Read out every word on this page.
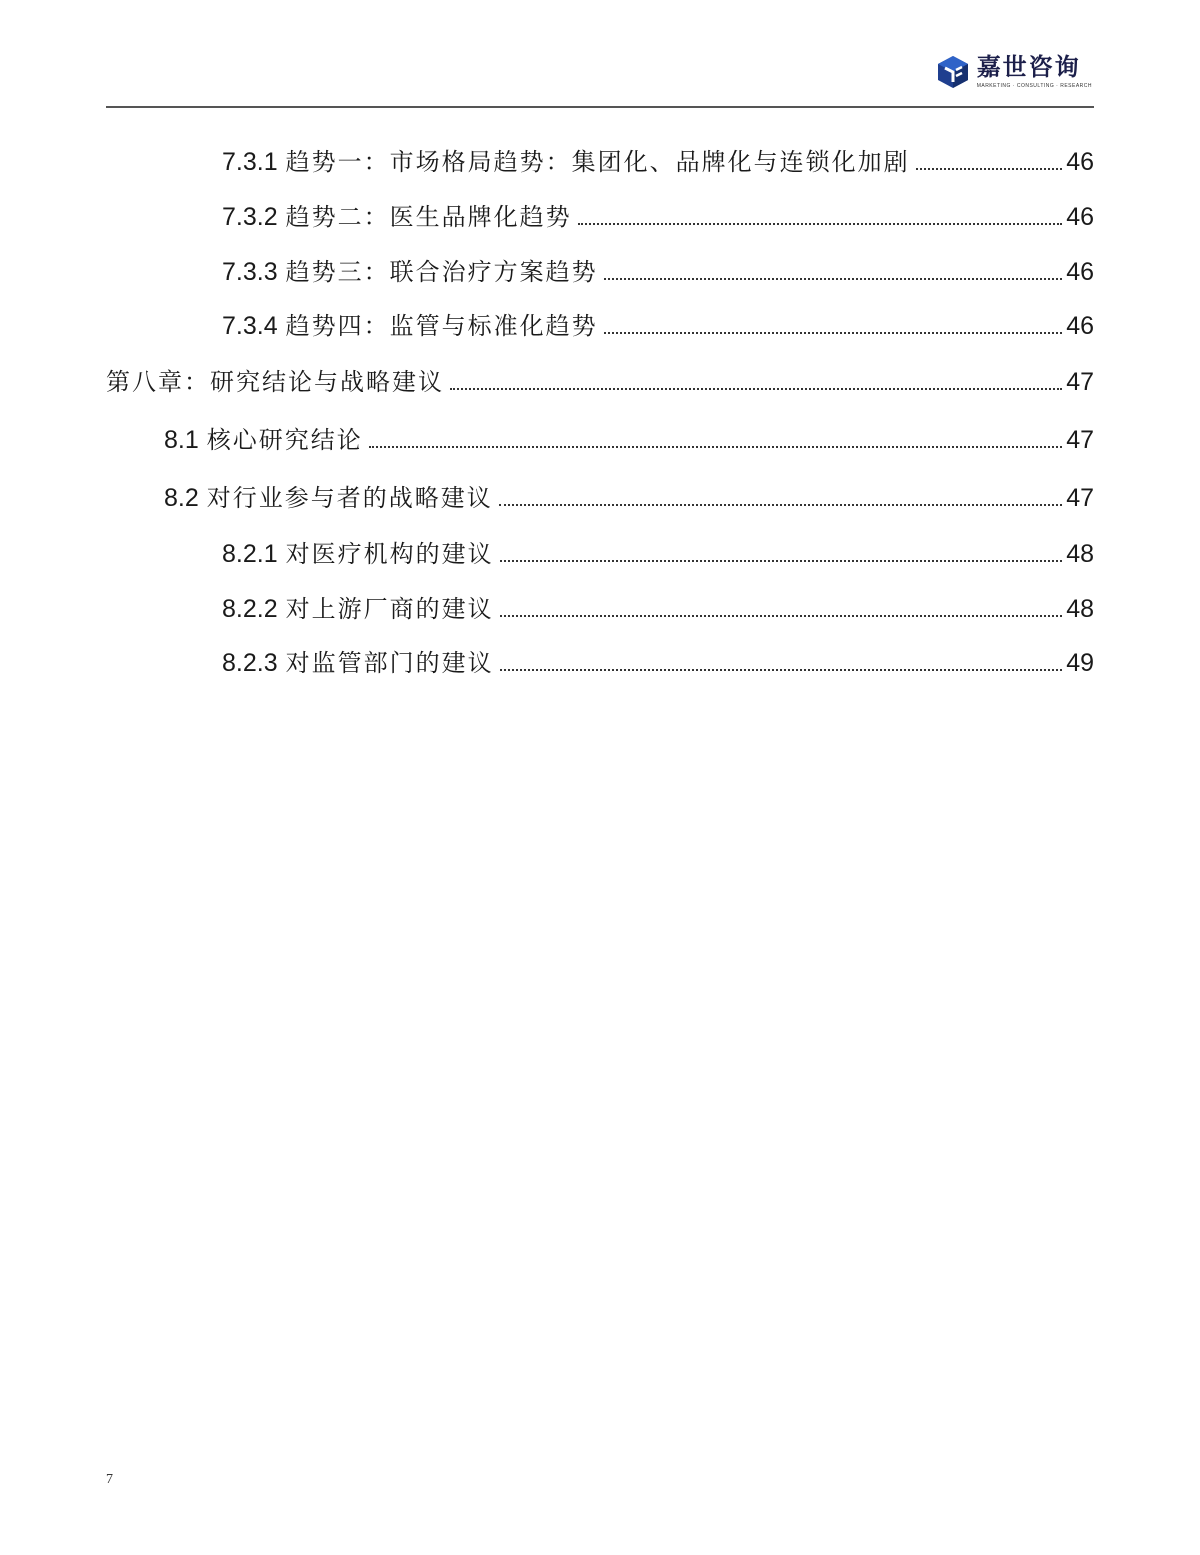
嘉世咨询
MARKETING · CONSULTING · RESEARCH
7.3.1 趋势一：市场格局趋势：集团化、品牌化与连锁化加剧	46
7.3.2 趋势二：医生品牌化趋势	46
7.3.3 趋势三：联合治疗方案趋势	46
7.3.4 趋势四：监管与标准化趋势	46
第八章：研究结论与战略建议	47
8.1 核心研究结论	47
8.2 对行业参与者的战略建议	47
8.2.1 对医疗机构的建议	48
8.2.2 对上游厂商的建议	48
8.2.3 对监管部门的建议	49
7
